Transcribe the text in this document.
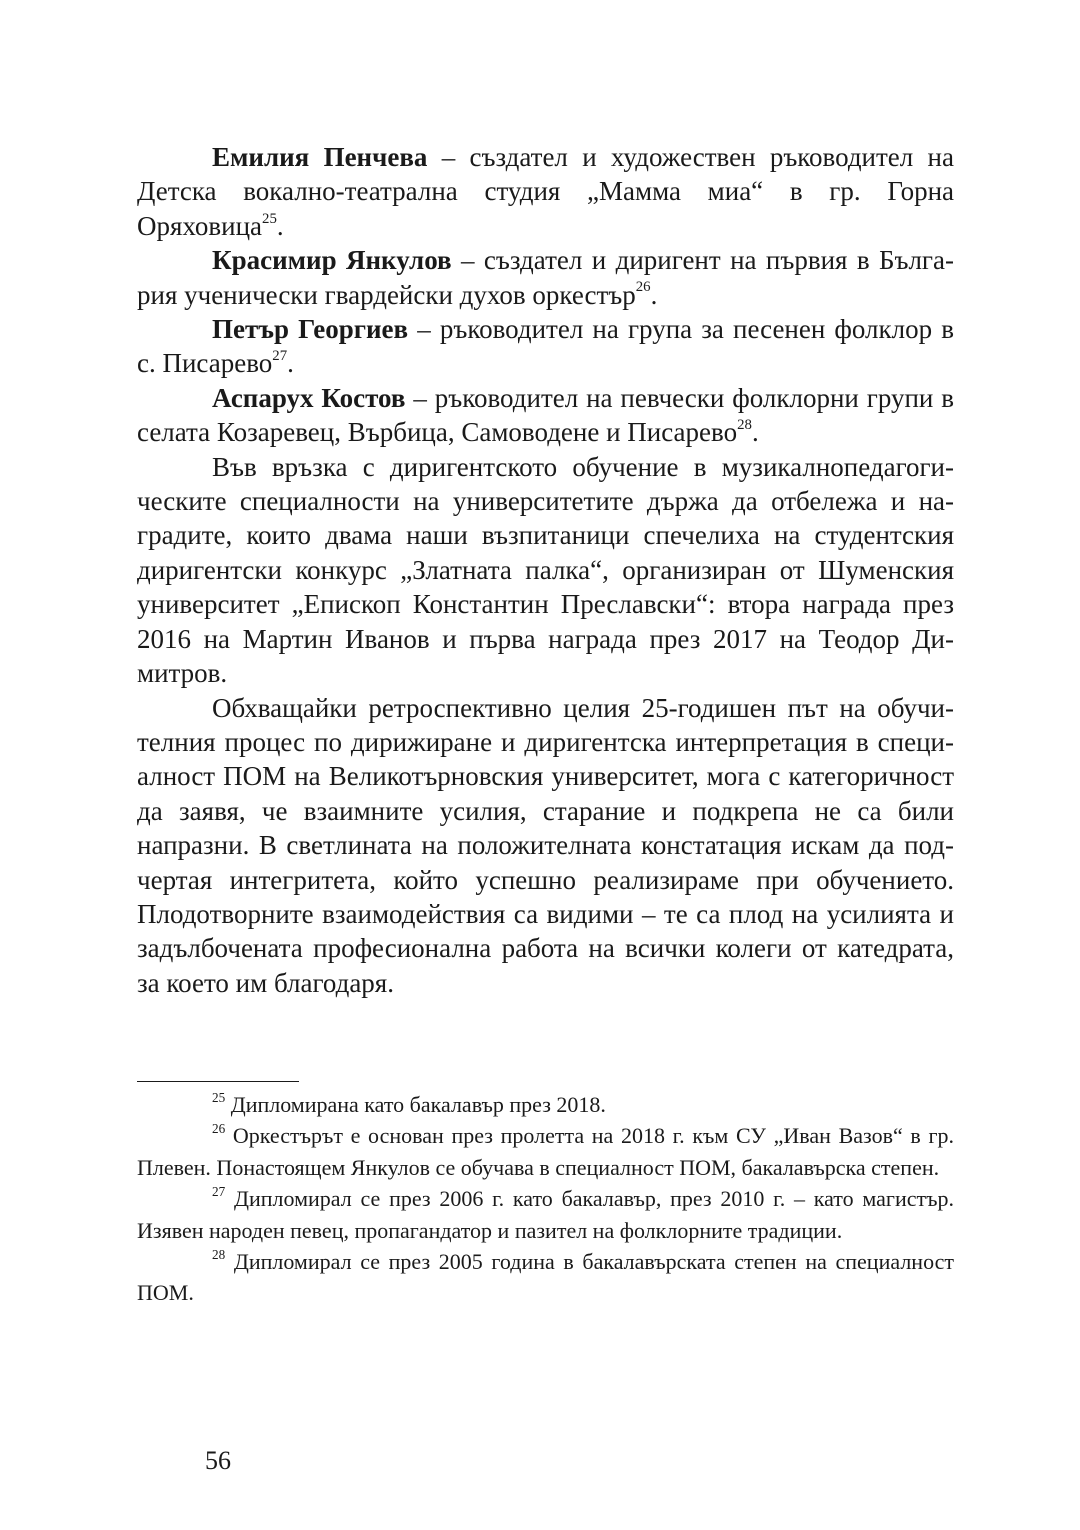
Емилия Пенчева – създател и художествен ръководител на Детска вокално-театрална студия „Мамма миа“ в гр. Горна Оряховица$^{25}$.

Красимир Янкулов – създател и диригент на първия в България ученически гвардейски духов оркестър$^{26}$.

Петър Георгиев – ръководител на група за песенен фолклор в с. Писарево$^{27}$.

Аспарух Костов – ръководител на певчески фолклорни групи в селата Козаревец, Върбица, Самоводене и Писарево$^{28}$.

Във връзка с диригентското обучение в музикалнопедагогическите специалности на университетите държа да отбележа и наградите, които двама наши възпитаници спечелиха на студентския диригентски конкурс „Златната палка“, организиран от Шуменския университет „Епископ Константин Преславски“: втора награда през 2016 на Мартин Иванов и първа награда през 2017 на Теодор Димитров.

Обхващайки ретроспективно целия 25-годишен път на обучителния процес по дирижиране и диригентска интерпретация в специалност ПОМ на Великотърновския университет, мога с категоричност да заявя, че взаимните усилия, старание и подкрепа не са били напразни. В светлината на положителната констатация искам да подчертая интегритета, който успешно реализираме при обучението. Плодотворните взаимодействия са видими – те са плод на усилията и задълбочената професионална работа на всички колеги от катедрата, за което им благодаря.

$^{25}$ Дипломирана като бакалавър през 2018.

$^{26}$ Оркестърът е основан през пролетта на 2018 г. към СУ „Иван Вазов“ в гр. Плевен. Понастоящем Янкулов се обучава в специалност ПОМ, бакалавърска степен.

$^{27}$ Дипломирал се през 2006 г. като бакалавър, през 2010 г. – като магистър. Изявен народен певец, пропагандатор и пазител на фолклорните традиции.

$^{28}$ Дипломирал се през 2005 година в бакалавърската степен на специалност ПОМ.

56
